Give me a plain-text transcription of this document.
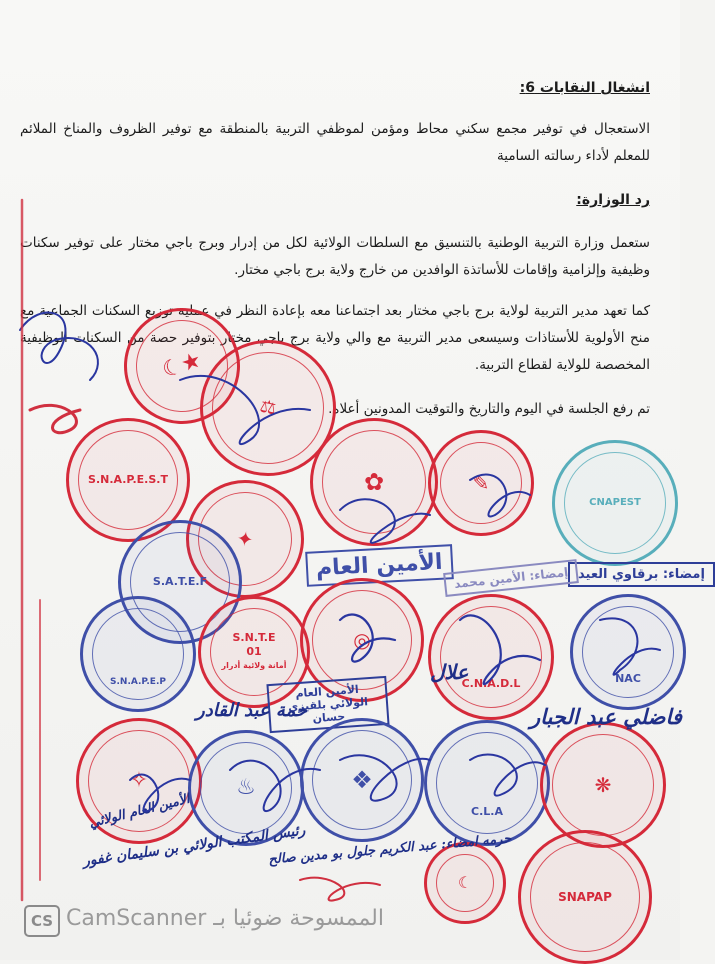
انشغال النقابات 6:
الاستعجال في توفير مجمع سكني محاط ومؤمن لموظفي التربية بالمنطقة مع توفير الظروف والمناخ الملائم للمعلم لأداء رسالته السامية
رد الوزارة:
ستعمل وزارة التربية الوطنية بالتنسيق مع السلطات الولائية لكل من إدرار وبرج باجي مختار على توفير سكنات وظيفية وإلزامية وإقامات للأساتذة الوافدين من خارج ولاية برج باجي مختار.
كما تعهد مدير التربية لولاية برج باجي مختار بعد اجتماعنا معه بإعادة النظر في عملية توزيع السكنات الجماعية مع منح الأولوية للأستاذات وسيسعى مدير التربية مع والي ولاية برج باجي مختار بتوفير حصة من السكنات الوظيفية المخصصة للولاية لقطاع التربية.
تم رفع الجلسة في اليوم والتاريخ والتوقيت المدونين أعلاه.
☾★
⚖
S.N.A.P.E.S.T	✿	✎
CNAPEST
✦
S.A.T.E.F
الأمين العام	إمضاء: برقاوي العيد
إمضاء: الأمين محمد
S.N.T.E
01
أمانة ولائية أدرار
◎
C.N.A.D.L	NAC
S.N.A.P.E.P
الأمين العام الولائي بلقيزي حسان
✧	♨	❖
C.L.A
❋
☾
SNAPAP
حمة عبد القادر	فاضلي عبد الجبار
علال
الأمين العام الولائي
رئيس المكتب الولائي بن سليمان غفور
حرمه امضاء: عبد الكريم جلول بو مدين صالح
CS CamScanner الممسوحة ضوئيا بـ
